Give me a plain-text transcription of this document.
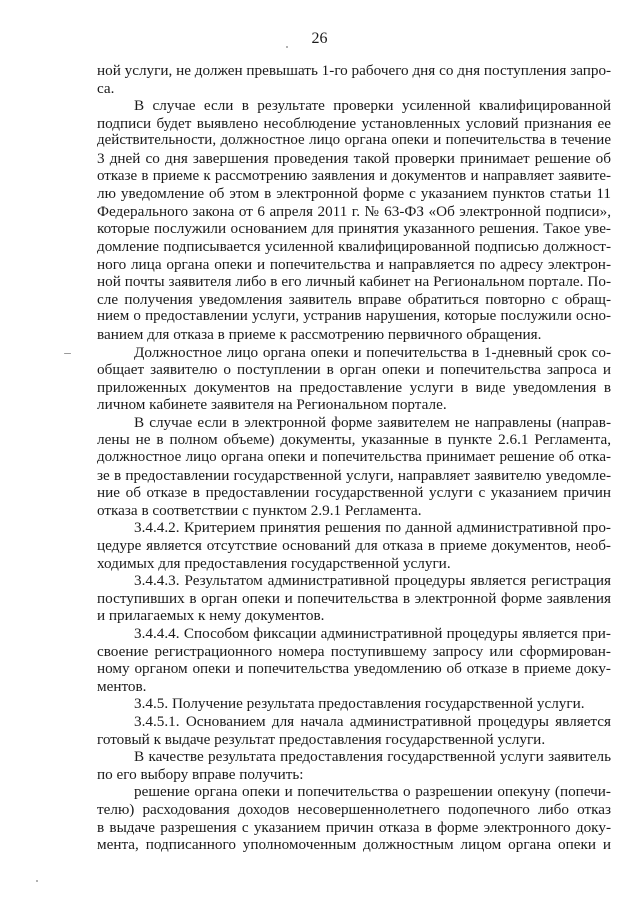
26
ной услуги, не должен превышать 1-го рабочего дня со дня поступления запро-
са.
В случае если в результате проверки усиленной квалифицированной
подписи будет выявлено несоблюдение установленных условий признания ее
действительности, должностное лицо органа опеки и попечительства в течение
3 дней со дня завершения проведения такой проверки принимает решение об
отказе в приеме к рассмотрению заявления и документов и направляет заявите-
лю уведомление об этом в электронной форме с указанием пунктов статьи 11
Федерального закона от 6 апреля 2011 г. № 63-ФЗ «Об электронной подписи»,
которые послужили основанием для принятия указанного решения. Такое уве-
домление подписывается усиленной квалифицированной подписью должност-
ного лица органа опеки и попечительства и направляется по адресу электрон-
ной почты заявителя либо в его личный кабинет на Региональном портале. По-
сле получения уведомления заявитель вправе обратиться повторно с обращ-
нием о предоставлении услуги, устранив нарушения, которые послужили осно-
ванием для отказа в приеме к рассмотрению первичного обращения.
Должностное лицо органа опеки и попечительства в 1-дневный срок со-
общает заявителю о поступлении в орган опеки и попечительства запроса и
приложенных документов на предоставление услуги в виде уведомления в
личном кабинете заявителя на Региональном портале.
В случае если в электронной форме заявителем не направлены (направ-
лены не в полном объеме) документы, указанные в пункте 2.6.1 Регламента,
должностное лицо органа опеки и попечительства принимает решение об отка-
зе в предоставлении государственной услуги, направляет заявителю уведомле-
ние об отказе в предоставлении государственной услуги с указанием причин
отказа в соответствии с пунктом 2.9.1 Регламента.
3.4.4.2. Критерием принятия решения по данной административной про-
цедуре является отсутствие оснований для отказа в приеме документов, необ-
ходимых для предоставления государственной услуги.
3.4.4.3. Результатом административной процедуры является регистрация
поступивших в орган опеки и попечительства в электронной форме заявления
и прилагаемых к нему документов.
3.4.4.4. Способом фиксации административной процедуры является при-
своение регистрационного номера поступившему запросу или сформирован-
ному органом опеки и попечительства уведомлению об отказе в приеме доку-
ментов.
3.4.5. Получение результата предоставления государственной услуги.
3.4.5.1. Основанием для начала административной процедуры является
готовый к выдаче результат предоставления государственной услуги.
В качестве результата предоставления государственной услуги заявитель
по его выбору вправе получить:
решение органа опеки и попечительства о разрешении опекуну (попечи-
телю) расходования доходов несовершеннолетнего подопечного либо отказ
в выдаче разрешения с указанием причин отказа в форме электронного доку-
мента, подписанного уполномоченным должностным лицом органа опеки и
